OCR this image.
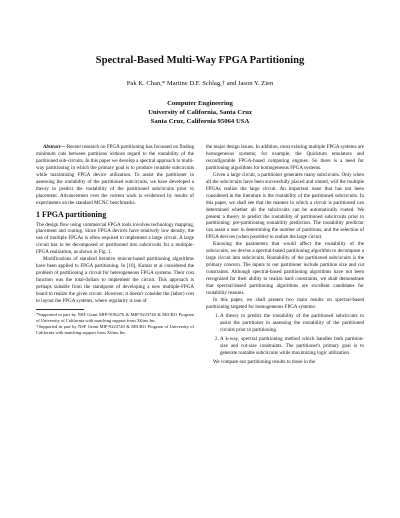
Spectral-Based Multi-Way FPGA Partitioning
Pak K. Chan,* Martine D.F. Schlag,† and Jason Y. Zien
Computer Engineering
University of California, Santa Cruz
Santa Cruz, California 95064 USA

Abstract— Recent research on FPGA partitioning has focussed on finding minimum cuts between partitions without regard to the routability of the partitioned sub-circuits. In this paper we develop a spectral approach to multi-way partitioning in which the primary goal is to produce routable subcircuits while maximizing FPGA device utilization. To assist the partitioner in assessing the routability of the partitioned subcircuits, we have developed a theory to predict the routability of the partitioned subcircuits prior to placement. Advancement over the current work is evidenced by results of experiments on the standard MCNC benchmarks.

1 FPGA partitioning

The design flow using commercial FPGA tools involves technology mapping, placement and routing. Since FPGA devices have relatively low density, the use of multiple FPGAs is often required to implement a large circuit. A large circuit has to be decomposed or partitioned into subcircuits for a multiple-FPGA realization, as shown in Fig. 1.

Modifications of standard iterative mincut-based partitioning algorithms have been applied to FPGA partitioning. In [10], Kumar et al considered the problem of partitioning a circuit for heterogeneous FPGA systems. Their cost function was the total-dollars to implement the circuit. This approach is perhaps suitable from the standpoint of developing a new multiple-FPGA board to realize the given circuit. However, it doesn't consider the (labor) cost to layout the FPGA systems, where regularity is one of

*Supported in part by NSF Grant MIP-9196276 & MIP-9223740 & MICRO Program of University of California with matching support from Xilinx Inc.

†Supported in part by NSF Grant MIP-9223740 & MICRO Program of University of California with matching support from Xilinx Inc.

the major design issues. In addition, most existing multiple FPGA systems are homogeneous systems; for example, the Quickturn emulators and reconfigurable FPGA-based computing engines. So there is a need for partitioning algorithms for homogeneous FPGA systems.

Given a large circuit, a partitioner generates many subcircuits. Only when all the subcircuits have been successfully placed and routed, will the multiple FPGAs realize the large circuit. An important issue that has not been considered in the literature is the routability of the partitioned subcircuits. In this paper, we shall see that the manner in which a circuit is partitioned can determined whether all the subcircuits can be automatically routed. We present a theory to predict the routability of partitioned subcircuits prior to partitioning: pre-partitioning routability prediction. The routability predictor can assist a user in determining the number of partitions, and the selection of FPGA devices (when possible) to realize the large circuit.

Knowing the parameters that would affect the routability of the subcircuits, we devise a spectral-based partitioning algorithm to decompose a large circuit into subcircuits. Routability of the partitioned subcircuits is the primary concern. The inputs to our partitioner include partition size and cut constraints. Although spectral-based partitioning algorithms have not been recognized for their ability to realize hard constraints, we shall demonstrate that spectral-based partitioning algorithms are excellent candidates for routability reasons.

In this paper, we shall present two main results on spectral-based partitioning targeted for homogeneous FPGA systems:

1. A theory to predict the routability of the partitioned subcircuits to assist the partitioner in assessing the routability of the partitioned circuits prior to partitioning.
2. A k-way, spectral partitioning method which handles both partition-size and cut-size constraints. The partitioner's primary goal is to generate routable subcircuits while maximizing logic utilization.

We compare our partitioning results to those in the
